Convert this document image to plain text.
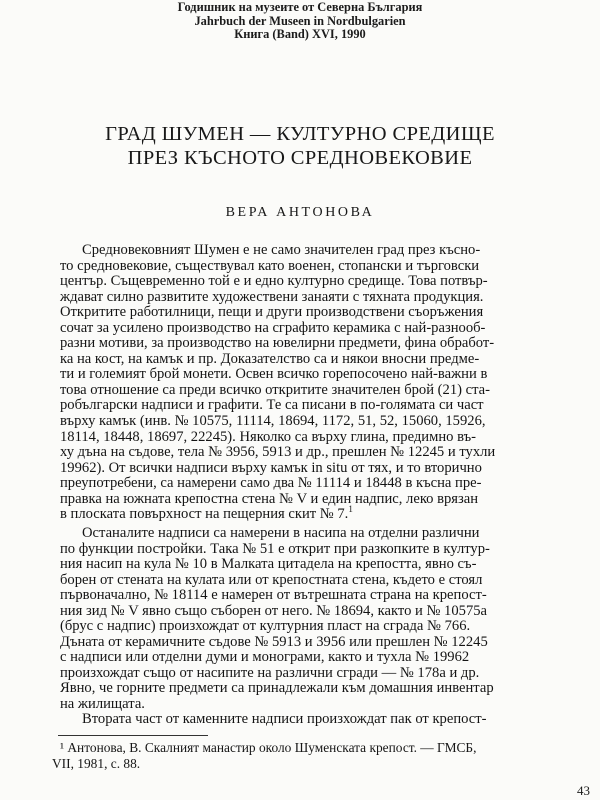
Годишник на музеите от Северна България
Jahrbuch der Museen in Nordbulgarien
Книга (Band) XVI, 1990
ГРАД ШУМЕН — КУЛТУРНО СРЕДИЩЕ
ПРЕЗ КЪСНОТО СРЕДНОВЕКОВИЕ
ВЕРА АНТОНОВА
Средновековният Шумен е не само значителен град през късно-
то средновековие, съществувал като военен, стопански и търговски
център. Същевременно той е и едно културно средище. Това потвър-
ждават силно развитите художествени занаяти с тяхната продукция.
Откритите работилници, пещи и други производствени съоръжения
сочат за усилено производство на сграфито керамика с най-разнооб-
разни мотиви, за производство на ювелирни предмети, фина обработ-
ка на кост, на камък и пр. Доказателство са и някои вносни предме-
ти и големият брой монети. Освен всичко горепосочено най-важни в
това отношение са преди всичко откритите значителен брой (21) ста-
робългарски надписи и графити. Те са писани в по-голямата си част
върху камък (инв. № 10575, 11114, 18694, 1172, 51, 52, 15060, 15926,
18114, 18448, 18697, 22245). Няколко са върху глина, предимно въ-
ху дъна на съдове, тела № 3956, 5913 и др., прешлен № 12245 и тухли
19962). От всички надписи върху камък in situ от тях, и то вторично
преупотребени, са намерени само два № 11114 и 18448 в късна пре-
правка на южната крепостна стена № V и един надпис, леко врязан
в плоската повърхност на пещерния скит № 7.$^1$
Останалите надписи са намерени в насипа на отделни различни
по функции постройки. Така № 51 е открит при разкопките в култур-
ния насип на кула № 10 в Малката цитадела на крепостта, явно съ-
борен от стената на кулата или от крепостната стена, където е стоял
първоначално, № 18114 е намерен от вътрешната страна на крепост-
ния зид № V явно също съборен от него. № 18694, както и № 10575а
(брус с надпис) произхождат от културния пласт на сграда № 766.
Дъната от керамичните съдове № 5913 и 3956 или прешлен № 12245
с надписи или отделни думи и монограми, както и тухла № 19962
произхождат също от насипите на различни сгради — № 178а и др.
Явно, че горните предмети са принадлежали към домашния инвентар
на жилищата.
Втората част от каменните надписи произхождат пак от крепост-
¹ Антонова, В. Скалният манастир около Шуменската крепост. — ГМСБ,
VII, 1981, с. 88.
43
